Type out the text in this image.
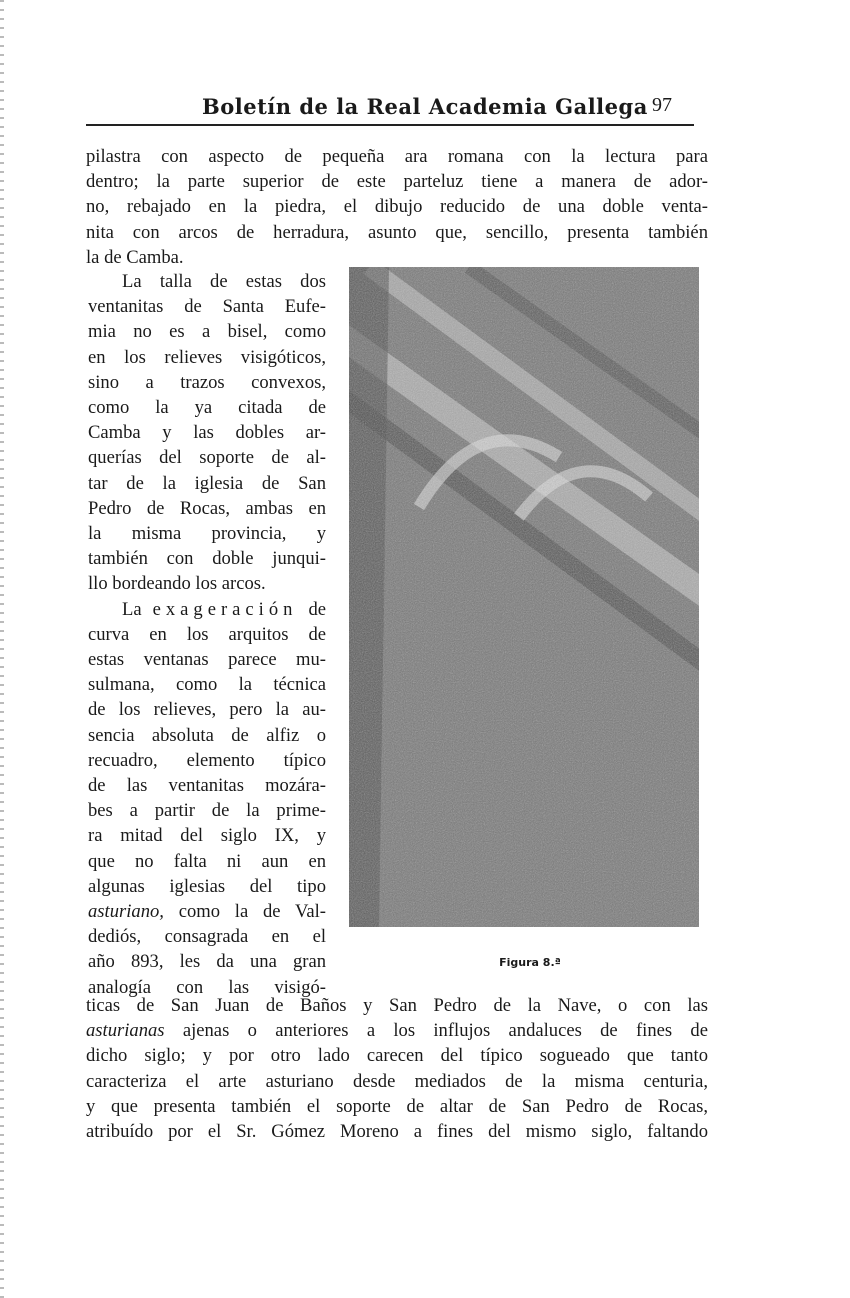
Boletín de la Real Academia Gallega 97

pilastra con aspecto de pequeña ara romana con la lectura para

dentro; la parte superior de este parteluz tiene a manera de ador-

no, rebajado en la piedra, el dibujo reducido de una doble venta-

nita con arcos de herradura, asunto que, sencillo, presenta también

la de Camba.

La talla de estas dos

ventanitas de Santa Eufe-

mia no es a bisel, como

en los relieves visigóticos,

sino a trazos convexos,

como la ya citada de

Camba y las dobles ar-

querías del soporte de al-

tar de la iglesia de San

Pedro de Rocas, ambas en

la misma provincia, y

también con doble junqui-

llo bordeando los arcos.

La exageración de

curva en los arquitos de

estas ventanas parece mu-

sulmana, como la técnica

de los relieves, pero la au-

sencia absoluta de alfiz o

recuadro, elemento típico

de las ventanitas mozára-

bes a partir de la prime-

ra mitad del siglo IX, y

que no falta ni aun en

algunas iglesias del tipo

asturiano, como la de Val-

dediós, consagrada en el

año 893, les da una gran

analogía con las visigó-

Figura 8.ª

ticas de San Juan de Baños y San Pedro de la Nave, o con las

asturianas ajenas o anteriores a los influjos andaluces de fines de

dicho siglo; y por otro lado carecen del típico sogueado que tanto

caracteriza el arte asturiano desde mediados de la misma centuria,

y que presenta también el soporte de altar de San Pedro de Rocas,

atribuído por el Sr. Gómez Moreno a fines del mismo siglo, faltando
